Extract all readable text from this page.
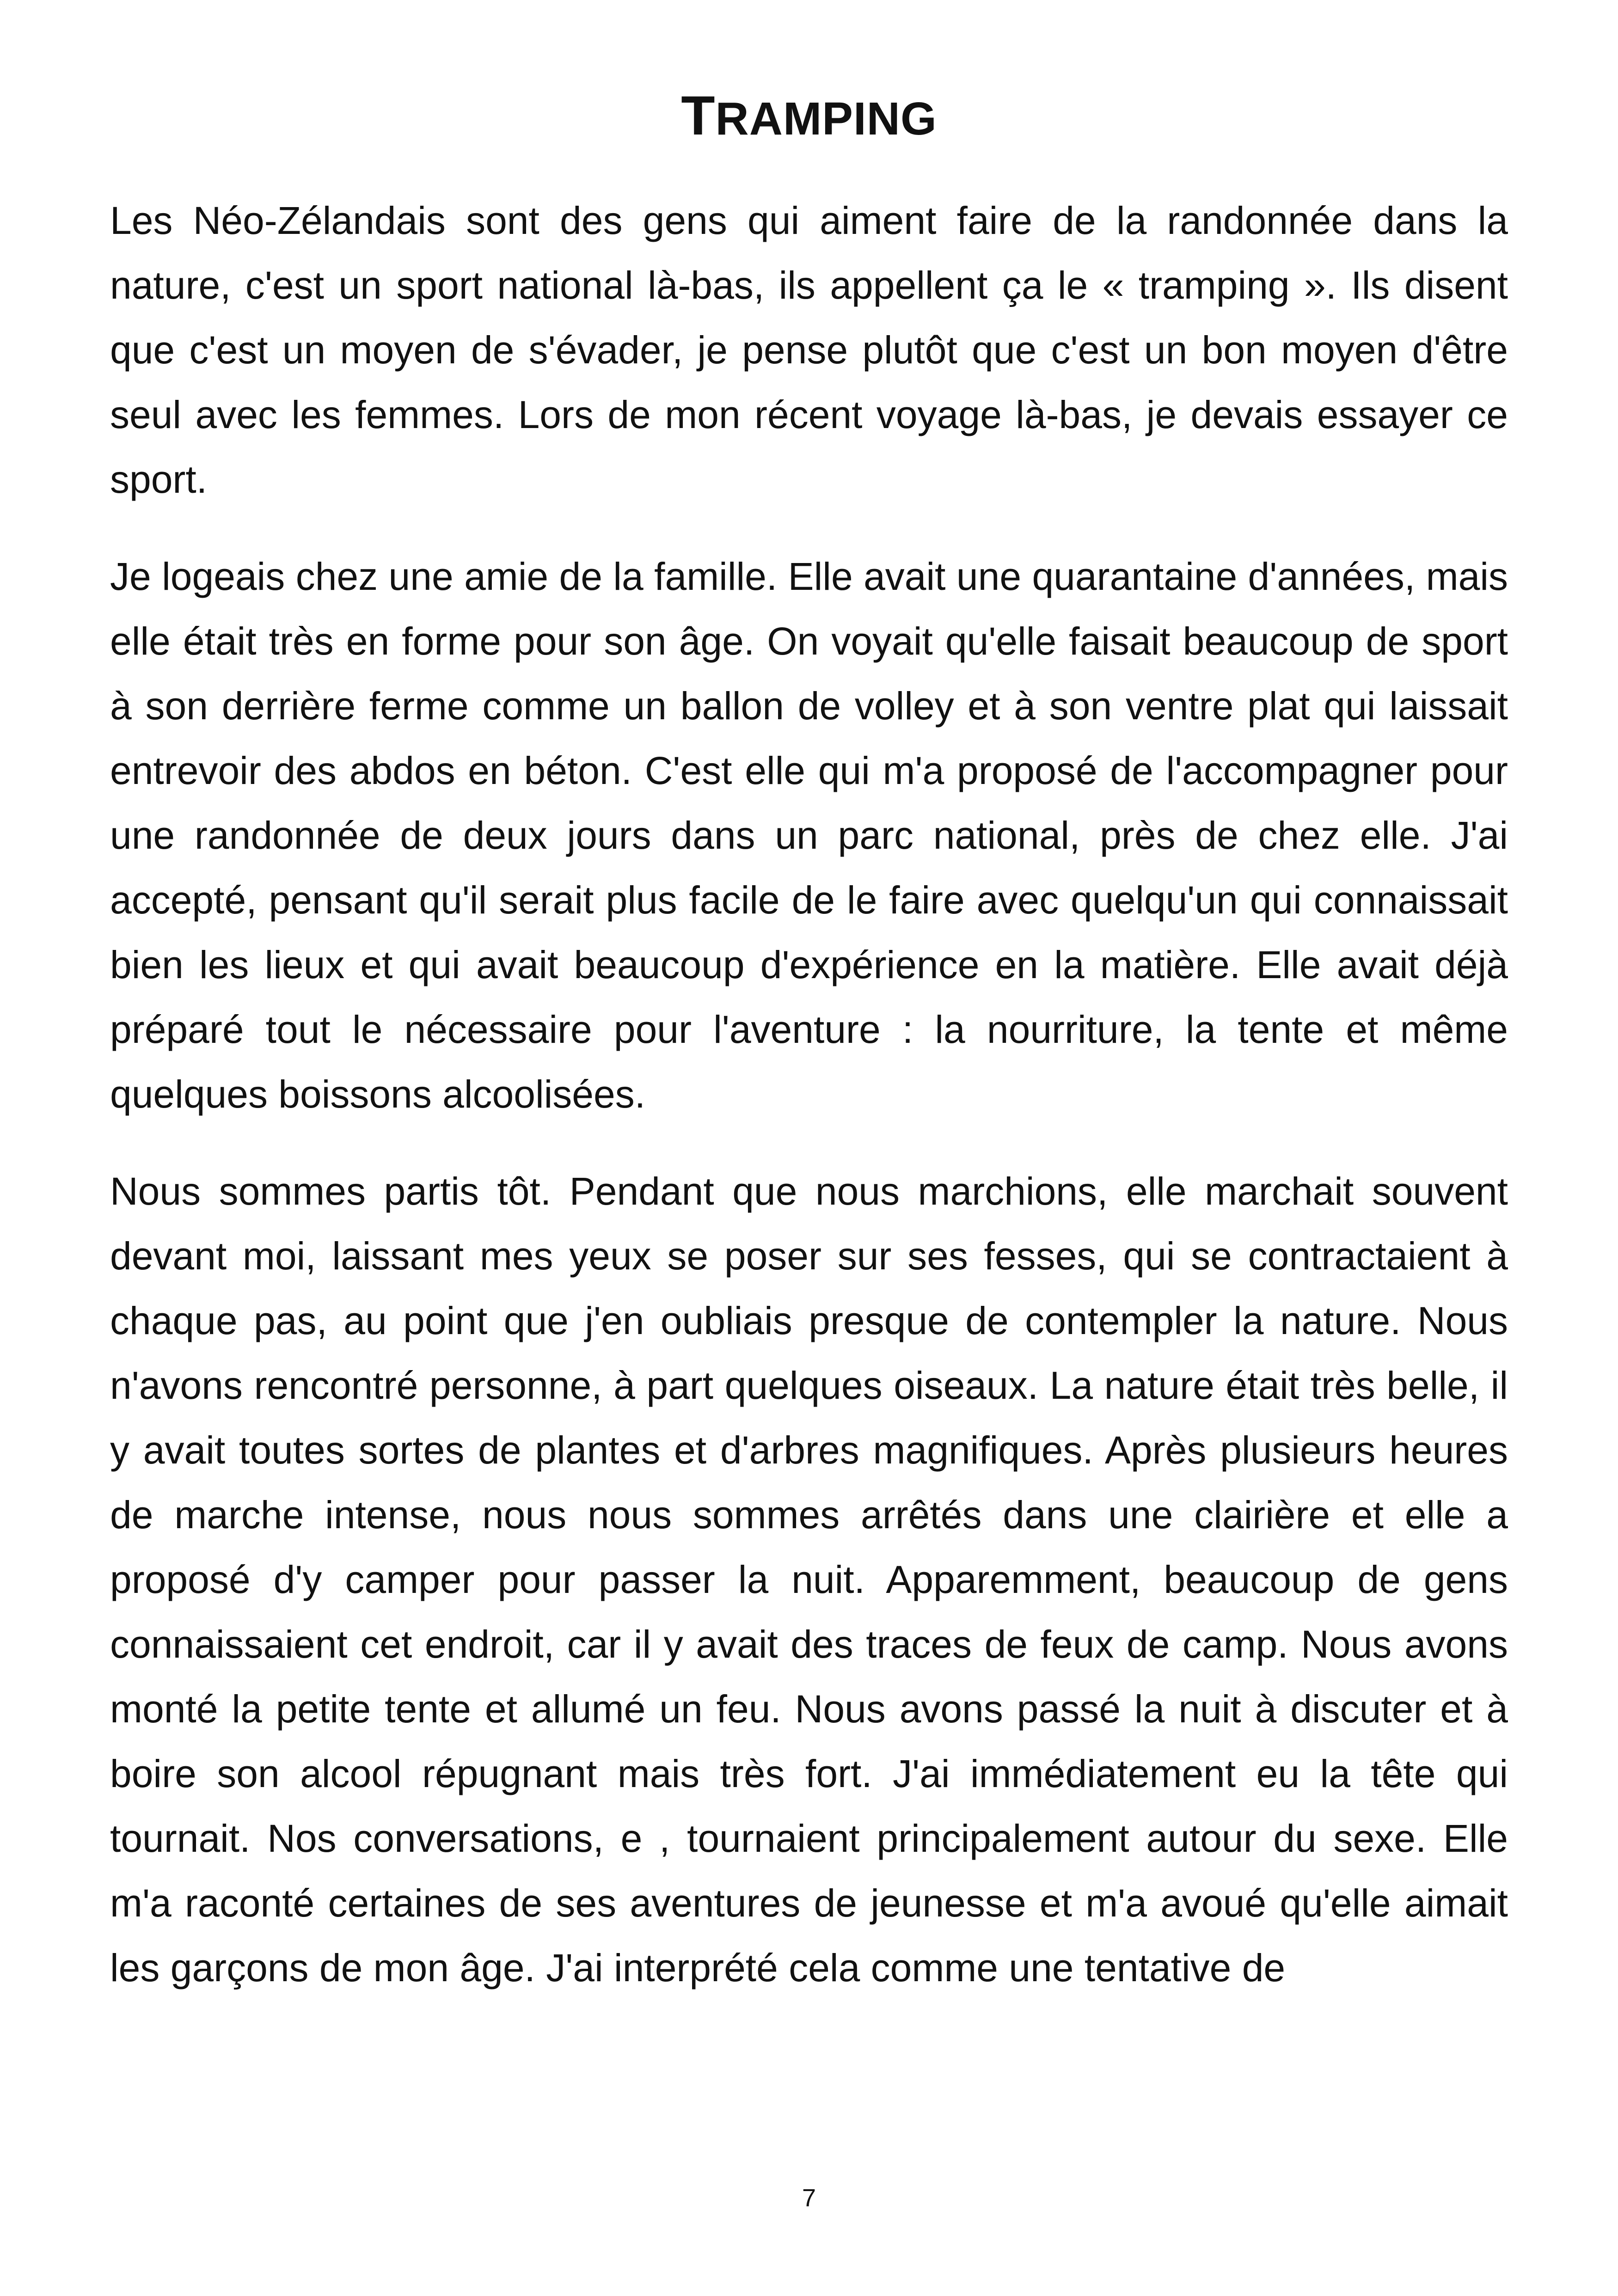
TRAMPING

Les Néo-Zélandais sont des gens qui aiment faire de la randonnée dans la nature, c'est un sport national là-bas, ils appellent ça le « tramping ». Ils disent que c'est un moyen de s'évader, je pense plutôt que c'est un bon moyen d'être seul avec les femmes. Lors de mon récent voyage là-bas, je devais essayer ce sport.

Je logeais chez une amie de la famille. Elle avait une quarantaine d'années, mais elle était très en forme pour son âge. On voyait qu'elle faisait beaucoup de sport à son derrière ferme comme un ballon de volley et à son ventre plat qui laissait entrevoir des abdos en béton. C'est elle qui m'a proposé de l'accompagner pour une randonnée de deux jours dans un parc national, près de chez elle. J'ai accepté, pensant qu'il serait plus facile de le faire avec quelqu'un qui connaissait bien les lieux et qui avait beaucoup d'expérience en la matière. Elle avait déjà préparé tout le nécessaire pour l'aventure : la nourriture, la tente et même quelques boissons alcoolisées.

Nous sommes partis tôt. Pendant que nous marchions, elle marchait souvent devant moi, laissant mes yeux se poser sur ses fesses, qui se contractaient à chaque pas, au point que j'en oubliais presque de contempler la nature. Nous n'avons rencontré personne, à part quelques oiseaux. La nature était très belle, il y avait toutes sortes de plantes et d'arbres magnifiques. Après plusieurs heures de marche intense, nous nous sommes arrêtés dans une clairière et elle a proposé d'y camper pour passer la nuit. Apparemment, beaucoup de gens connaissaient cet endroit, car il y avait des traces de feux de camp. Nous avons monté la petite tente et allumé un feu. Nous avons passé la nuit à discuter et à boire son alcool répugnant mais très fort. J'ai immédiatement eu la tête qui tournait. Nos conversations, e , tournaient principalement autour du sexe. Elle m'a raconté certaines de ses aventures de jeunesse et m'a avoué qu'elle aimait les garçons de mon âge. J'ai interprété cela comme une tentative de

7
